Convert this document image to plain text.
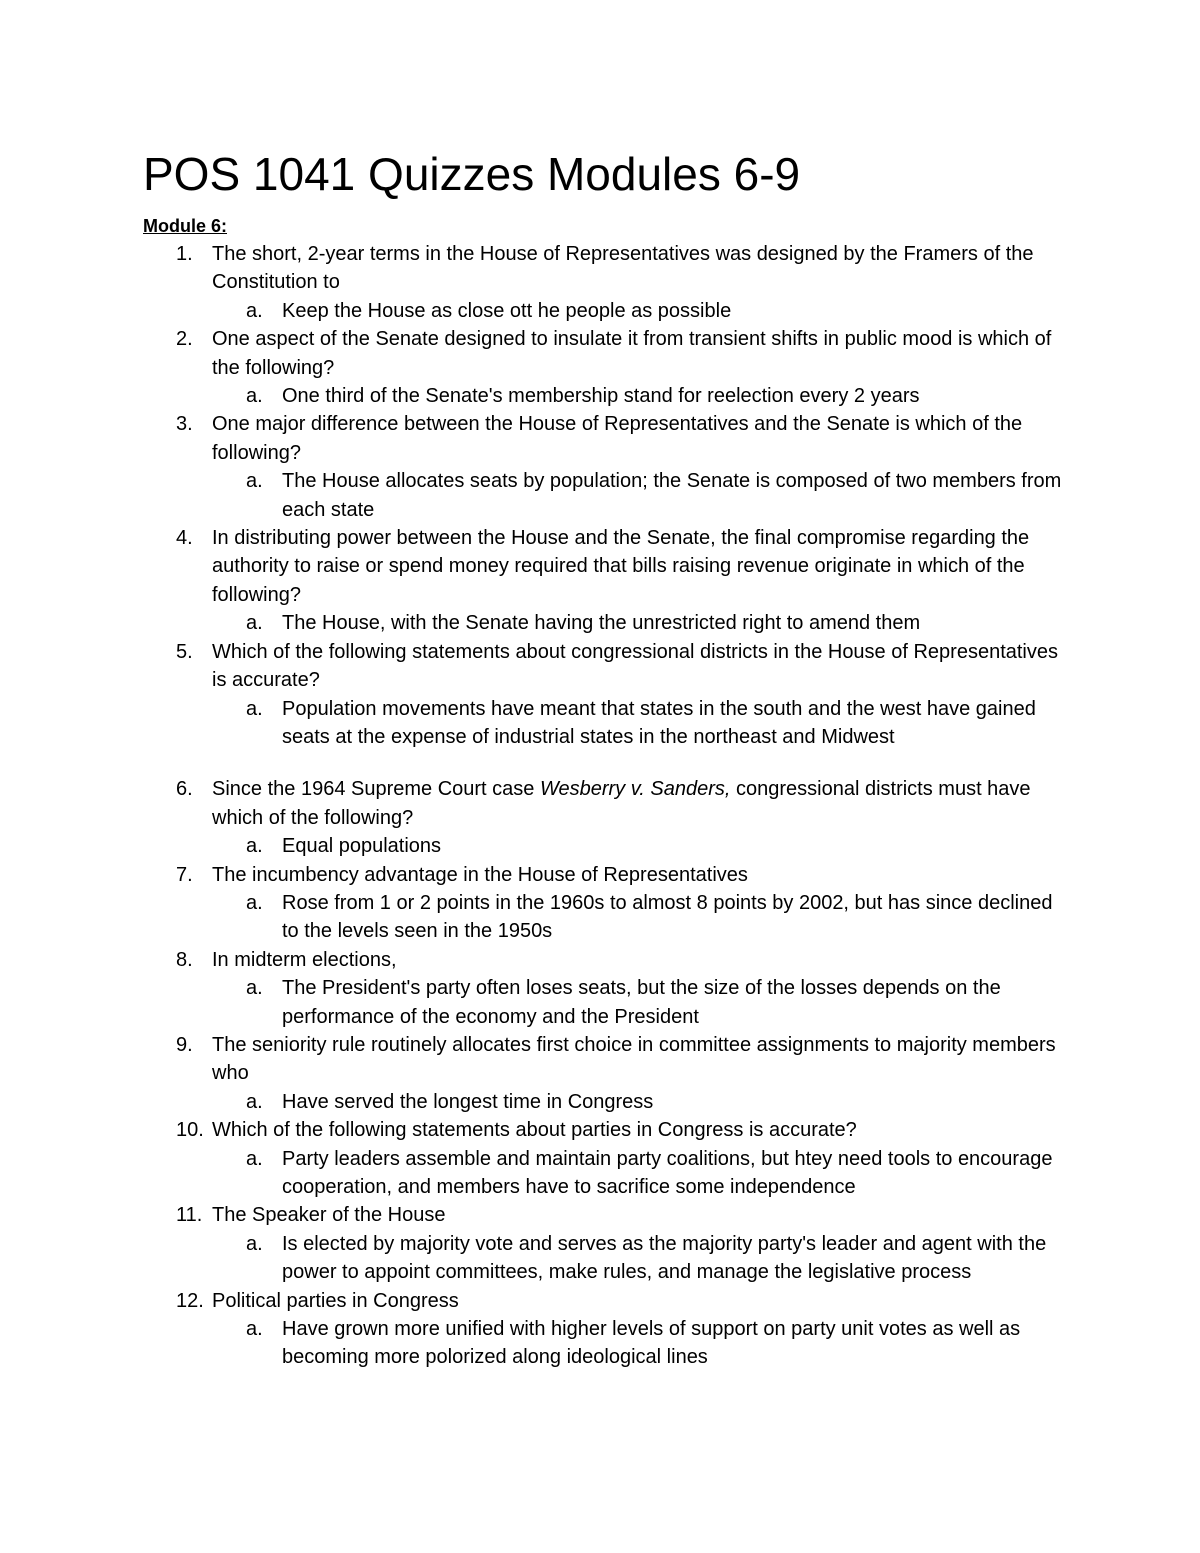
POS 1041 Quizzes Modules 6-9
Module 6:
1. The short, 2-year terms in the House of Representatives was designed by the Framers of the Constitution to
a. Keep the House as close ott he people as possible
2. One aspect of the Senate designed to insulate it from transient shifts in public mood is which of the following?
a. One third of the Senate's membership stand for reelection every 2 years
3. One major difference between the House of Representatives and the Senate is which of the following?
a. The House allocates seats by population; the Senate is composed of two members from each state
4. In distributing power between the House and the Senate, the final compromise regarding the authority to raise or spend money required that bills raising revenue originate in which of the following?
a. The House, with the Senate having the unrestricted right to amend them
5. Which of the following statements about congressional districts in the House of Representatives is accurate?
a. Population movements have meant that states in the south and the west have gained seats at the expense of industrial states in the northeast and Midwest
6. Since the 1964 Supreme Court case Wesberry v. Sanders, congressional districts must have which of the following?
a. Equal populations
7. The incumbency advantage in the House of Representatives
a. Rose from 1 or 2 points in the 1960s to almost 8 points by 2002, but has since declined to the levels seen in the 1950s
8. In midterm elections,
a. The President's party often loses seats, but the size of the losses depends on the performance of the economy and the President
9. The seniority rule routinely allocates first choice in committee assignments to majority members who
a. Have served the longest time in Congress
10. Which of the following statements about parties in Congress is accurate?
a. Party leaders assemble and maintain party coalitions, but htey need tools to encourage cooperation, and members have to sacrifice some independence
11. The Speaker of the House
a. Is elected by majority vote and serves as the majority party's leader and agent with the power to appoint committees, make rules, and manage the legislative process
12. Political parties in Congress
a. Have grown more unified with higher levels of support on party unit votes as well as becoming more polorized along ideological lines
